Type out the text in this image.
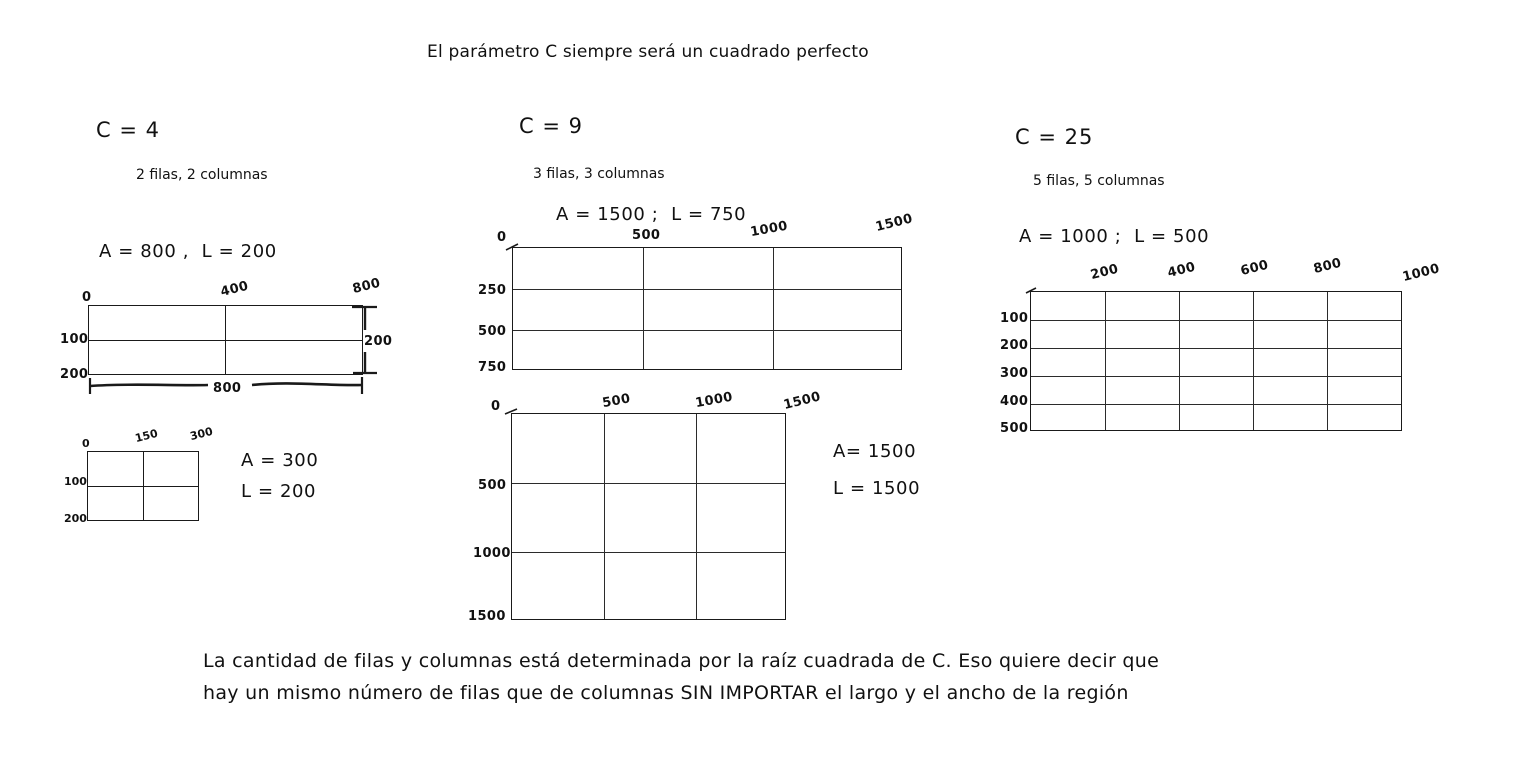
El parámetro C siempre será un cuadrado perfecto
C = 4
2 filas, 2 columnas
A = 800 ,  L = 200
0	400	800
100
200
800
200
0	150	300
100
200
A = 300
L = 200
C = 9
3 filas, 3 columnas
A = 1500 ;  L = 750
0	500	1000	1500
250
500
750
0	500	1000	1500
500
1000
1500
A= 1500
L = 1500
C = 25
5 filas, 5 columnas
A = 1000 ;  L = 500
200	400	600	800	1000
100
200
300
400
500
La cantidad de filas y columnas está determinada por la raíz cuadrada de C. Eso quiere decir que
hay un mismo número de filas que de columnas SIN IMPORTAR el largo y el ancho de la región
